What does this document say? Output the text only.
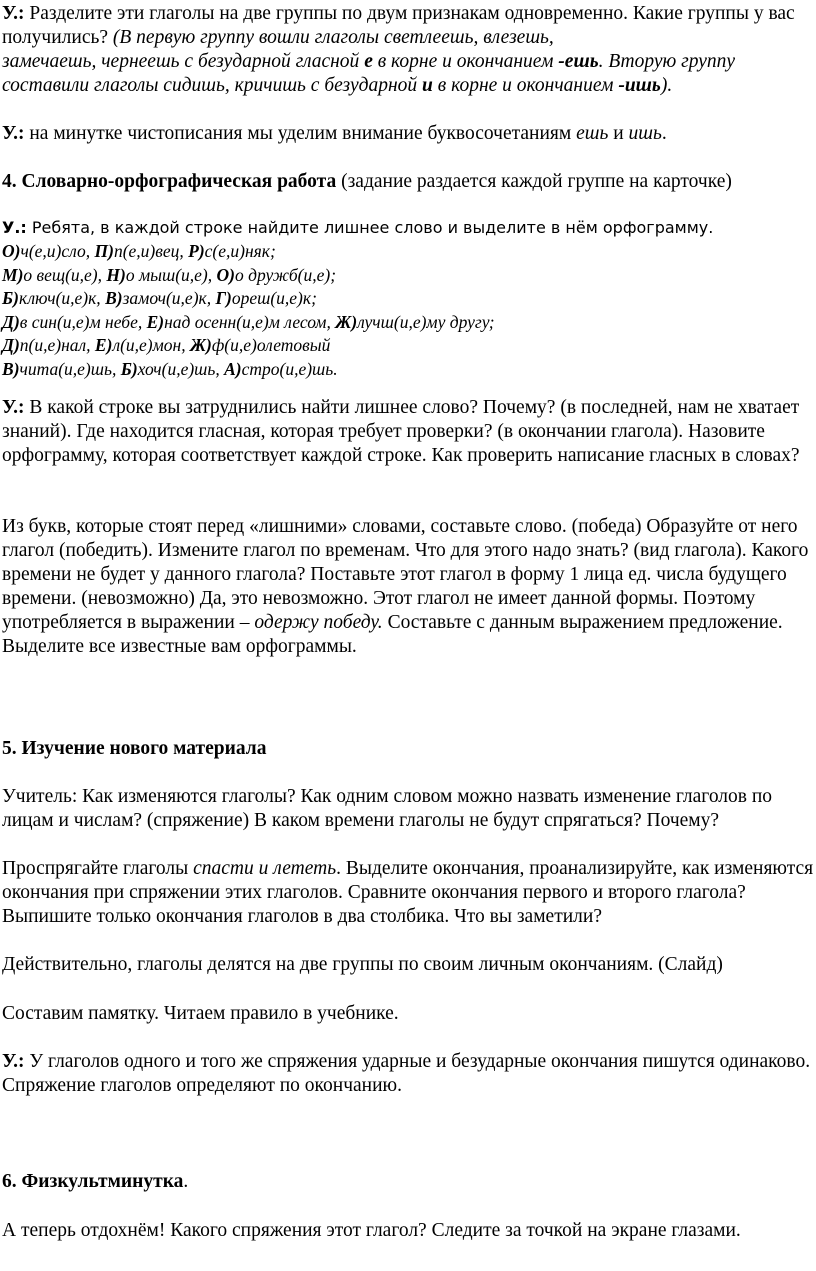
У.: Разделите эти глаголы на две группы по двум признакам одновременно. Какие группы у вас получились? (В первую группу вошли глаголы светлеешь, влезешь,
замечаешь, чернеешь с безударной гласной е в корне и окончанием -ешь. Вторую группу составили глаголы сидишь, кричишь с безударной и в корне и окончанием -ишь).

У.: на минутке чистописания мы уделим внимание буквосочетаниям ешь и ишь.

4. Словарно-орфографическая работа (задание раздается каждой группе на карточке)

У.: Ребята, в каждой строке найдите лишнее слово и выделите в нём орфограмму.

О)ч(е,и)сло, П)п(е,и)вец, Р)с(е,и)няк;
М)о вещ(и,е), Н)о мыш(и,е), О)о дружб(и,е);
Б)ключ(и,е)к, В)замоч(и,е)к, Г)ореш(и,е)к;
Д)в син(и,е)м небе, Е)над осенн(и,е)м лесом, Ж)лучш(и,е)му другу;
Д)п(и,е)нал, Е)л(и,е)мон, Ж)ф(и,е)олетовый
В)чита(и,е)шь, Б)хоч(и,е)шь, А)стро(и,е)шь.

У.: В какой строке вы затруднились найти лишнее слово? Почему? (в последней, нам не хватает знаний). Где находится гласная, которая требует проверки? (в окончании глагола). Назовите орфограмму, которая соответствует каждой строке. Как проверить написание гласных в словах?

Из букв, которые стоят перед «лишними» словами, составьте слово. (победа) Образуйте от него глагол (победить). Измените глагол по временам. Что для этого надо знать? (вид глагола). Какого времени не будет у данного глагола? Поставьте этот глагол в форму 1 лица ед. числа будущего времени. (невозможно) Да, это невозможно. Этот глагол не имеет данной формы. Поэтому употребляется в выражении – одержу победу. Составьте с данным выражением предложение. Выделите все известные вам орфограммы.

5. Изучение нового материала

Учитель: Как изменяются глаголы? Как одним словом можно назвать изменение глаголов по лицам и числам? (спряжение) В каком времени глаголы не будут спрягаться? Почему?

Проспрягайте глаголы спасти и лететь. Выделите окончания, проанализируйте, как изменяются окончания при спряжении этих глаголов. Сравните окончания первого и второго глагола? Выпишите только окончания глаголов в два столбика. Что вы заметили?

Действительно, глаголы делятся на две группы по своим личным окончаниям. (Слайд)

Составим памятку. Читаем правило в учебнике.

У.: У глаголов одного и того же спряжения ударные и безударные окончания пишутся одинаково. Спряжение глаголов определяют по окончанию.

6. Физкультминутка.

А теперь отдохнём! Какого спряжения этот глагол? Следите за точкой на экране глазами.
